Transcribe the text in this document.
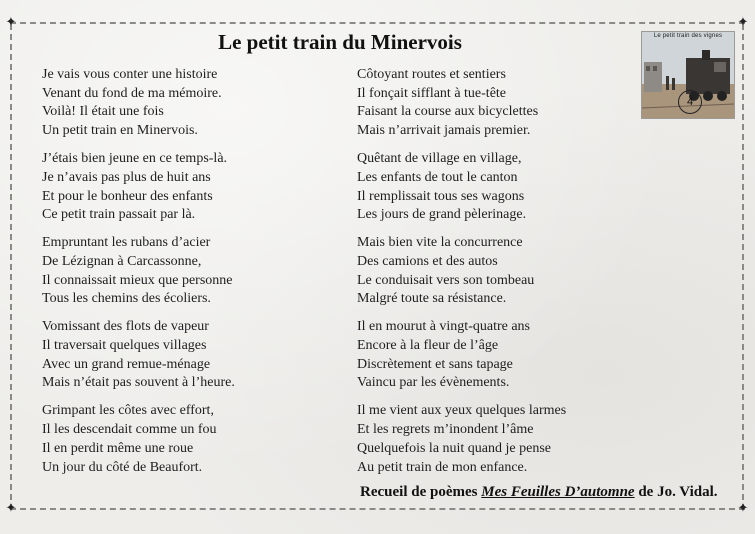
✦	✦
✦	✦
Le petit train du Minervois
Je vais vous conter une histoire
Venant du fond de ma mémoire.
Voilà! Il était une fois
Un petit train en Minervois.
J’étais bien jeune en ce temps-là.
Je n’avais pas plus de huit ans
Et pour le bonheur des enfants
Ce petit train passait par là.
Empruntant les rubans d’acier
De Lézignan à Carcassonne,
Il connaissait mieux que personne
Tous les chemins des écoliers.
Vomissant des flots de vapeur
Il traversait quelques villages
Avec un grand remue-ménage
Mais n’était pas souvent à l’heure.
Grimpant les côtes avec effort,
Il les descendait comme un fou
Il en perdit même une roue
Un jour du côté de Beaufort.
Côtoyant routes et sentiers
Il fonçait sifflant à tue-tête
Faisant la course aux bicyclettes
Mais n’arrivait jamais premier.
Quêtant de village en village,
Les enfants de tout le canton
Il remplissait tous ses wagons
Les jours de grand pèlerinage.
Mais bien vite la concurrence
Des camions et des autos
Le conduisait vers son tombeau
Malgré toute sa résistance.
Il en mourut à vingt-quatre ans
Encore à la fleur de l’âge
Discrètement et sans tapage
Vaincu par les évènements.
Il me vient aux yeux quelques larmes
Et les regrets m’inondent l’âme
Quelquefois la nuit quand je pense
Au petit train de mon enfance.
Le petit train des vignes
4
Recueil de poèmes Mes Feuilles D’automne de Jo. Vidal.
